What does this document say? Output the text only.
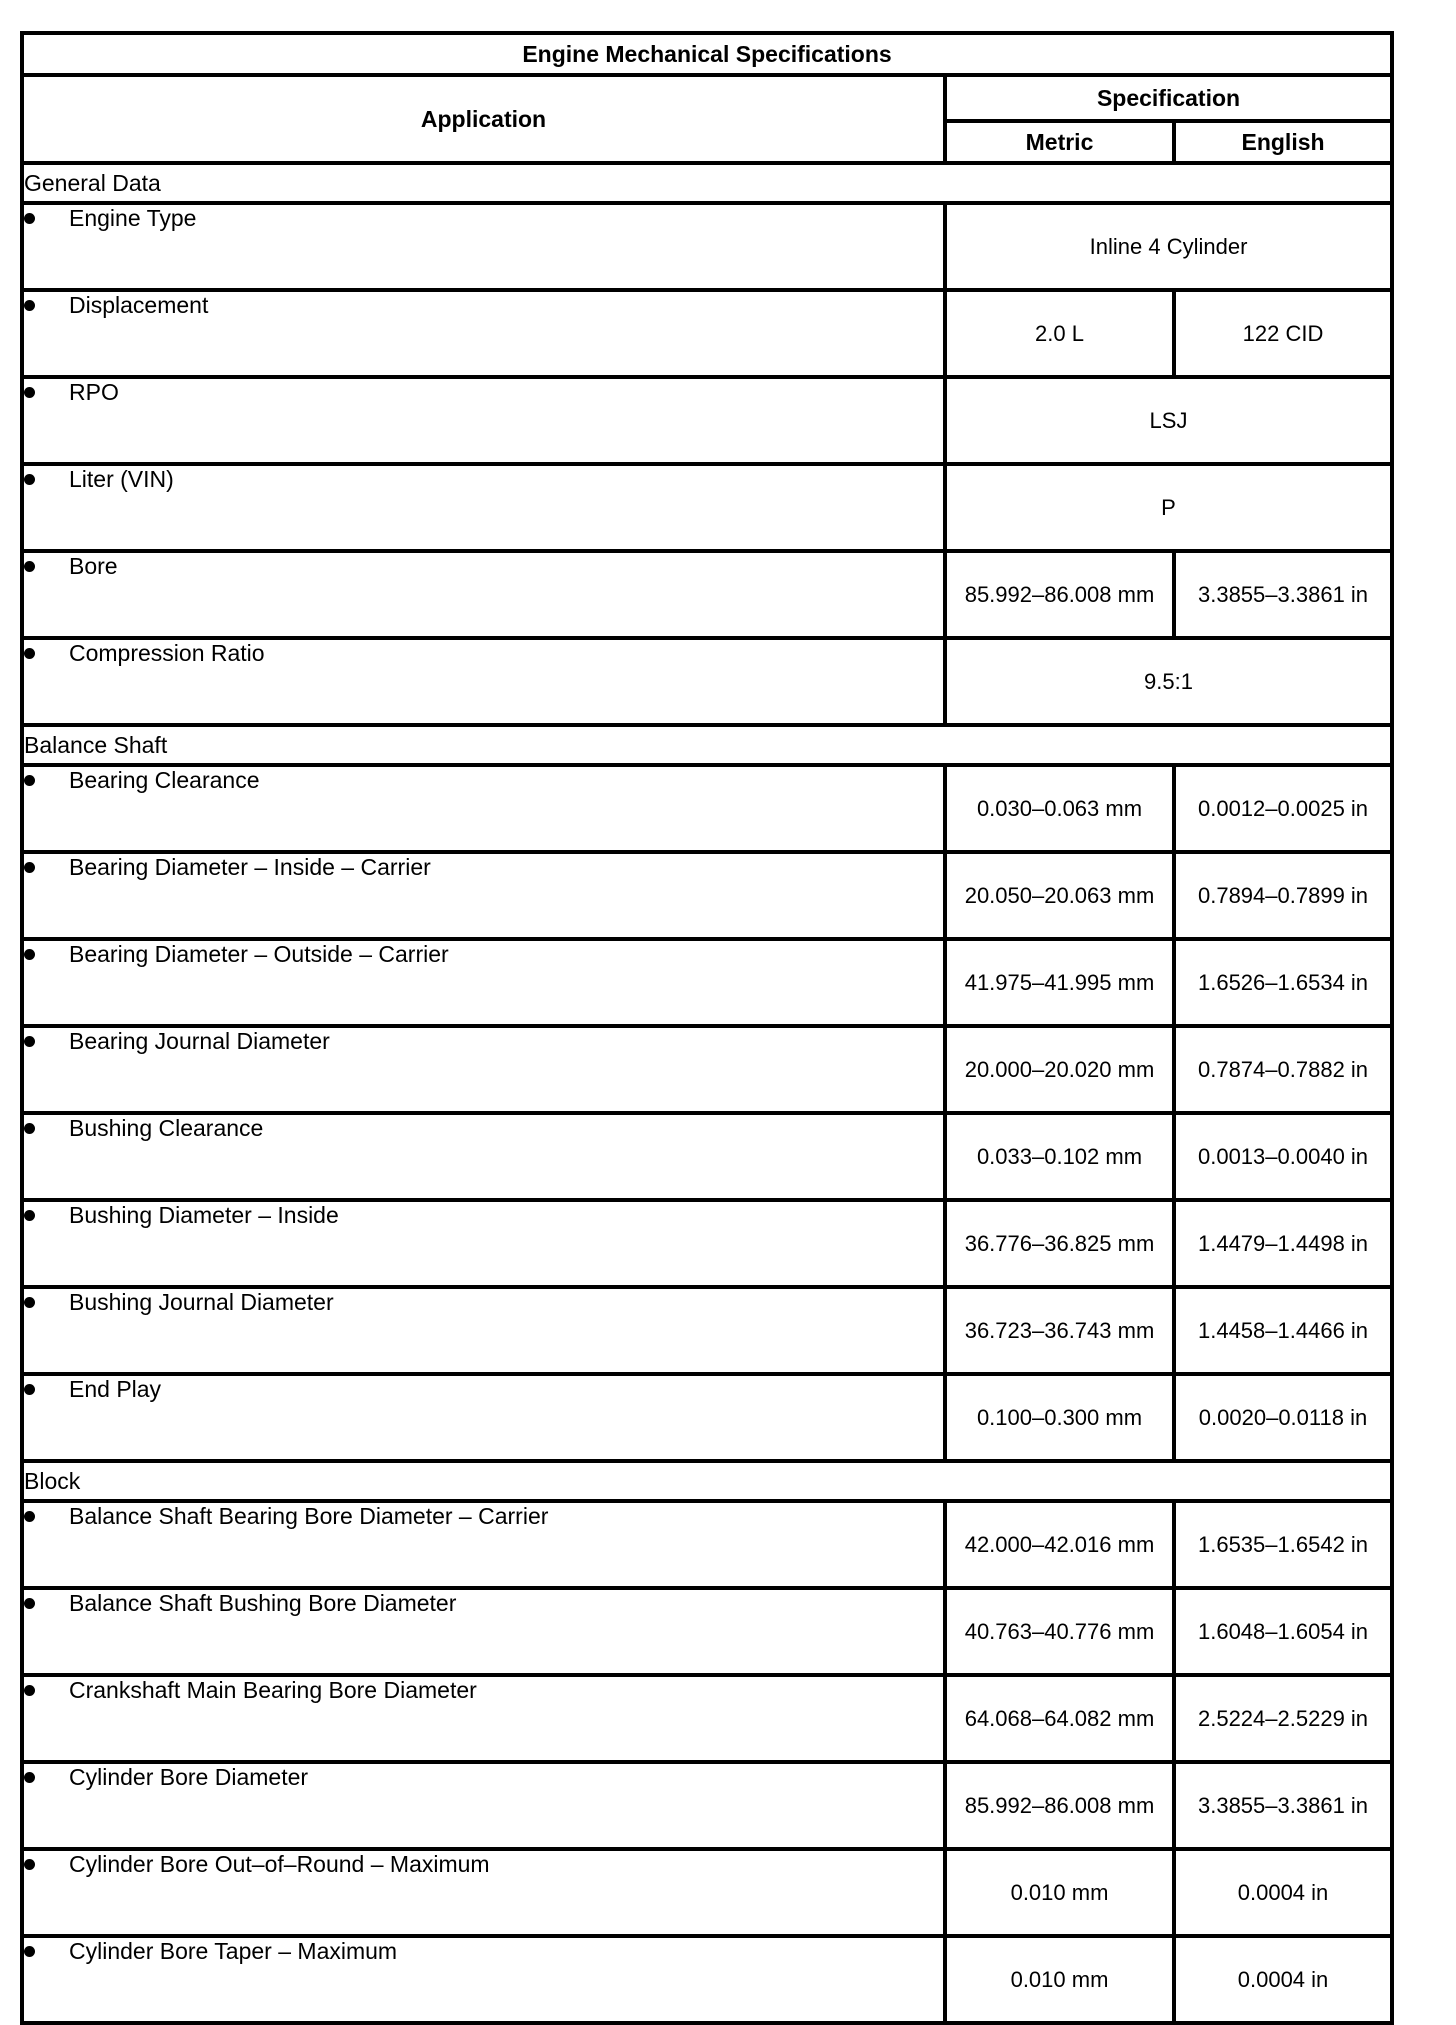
Engine Mechanical Specifications		
Application	Specification	
	Metric	English
General Data		
Engine Type	Inline 4 Cylinder	
Displacement	2.0 L	122 CID
RPO	LSJ	
Liter (VIN)	P	
Bore	85.992–86.008 mm	3.3855–3.3861 in
Compression Ratio	9.5:1	
Balance Shaft		
Bearing Clearance	0.030–0.063 mm	0.0012–0.0025 in
Bearing Diameter – Inside – Carrier	20.050–20.063 mm	0.7894–0.7899 in
Bearing Diameter – Outside – Carrier	41.975–41.995 mm	1.6526–1.6534 in
Bearing Journal Diameter	20.000–20.020 mm	0.7874–0.7882 in
Bushing Clearance	0.033–0.102 mm	0.0013–0.0040 in
Bushing Diameter – Inside	36.776–36.825 mm	1.4479–1.4498 in
Bushing Journal Diameter	36.723–36.743 mm	1.4458–1.4466 in
End Play	0.100–0.300 mm	0.0020–0.0118 in
Block		
Balance Shaft Bearing Bore Diameter – Carrier	42.000–42.016 mm	1.6535–1.6542 in
Balance Shaft Bushing Bore Diameter	40.763–40.776 mm	1.6048–1.6054 in
Crankshaft Main Bearing Bore Diameter	64.068–64.082 mm	2.5224–2.5229 in
Cylinder Bore Diameter	85.992–86.008 mm	3.3855–3.3861 in
Cylinder Bore Out–of–Round – Maximum	0.010 mm	0.0004 in
Cylinder Bore Taper – Maximum	0.010 mm	0.0004 in
